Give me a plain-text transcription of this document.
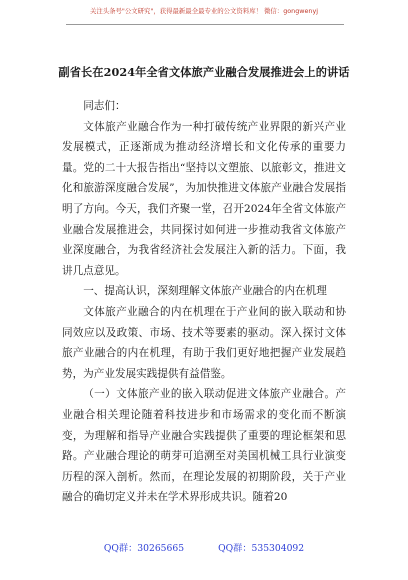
关注头条号"公文研究"，获得最新最全最专业的公文资料库！ 微信：gongwenyj
副省长在2024年全省文体旅产业融合发展推进会上的讲话

同志们：

文体旅产业融合作为一种打破传统产业界限的新兴产业发展模式，正逐渐成为推动经济增长和文化传承的重要力量。党的二十大报告指出“坚持以文塑旅、以旅彰文，推进文化和旅游深度融合发展”，为加快推进文体旅产业融合发展指明了方向。今天，我们齐聚一堂，召开2024年全省文体旅产业融合发展推进会，共同探讨如何进一步推动我省文体旅产业深度融合，为我省经济社会发展注入新的活力。下面，我讲几点意见。

一、提高认识，深刻理解文体旅产业融合的内在机理

文体旅产业融合的内在机理在于产业间的嵌入联动和协同效应以及政策、市场、技术等要素的驱动。深入探讨文体旅产业融合的内在机理，有助于我们更好地把握产业发展趋势，为产业发展实践提供有益借鉴。

（一）文体旅产业的嵌入联动促进文体旅产业融合。产业融合相关理论随着科技进步和市场需求的变化而不断演变，为理解和指导产业融合实践提供了重要的理论框架和思路。产业融合理论的萌芽可追溯至对美国机械工具行业演变历程的深入剖析。然而，在理论发展的初期阶段，关于产业融合的确切定义并未在学术界形成共识。随着20

QQ群：30265665	QQ群：535304092
